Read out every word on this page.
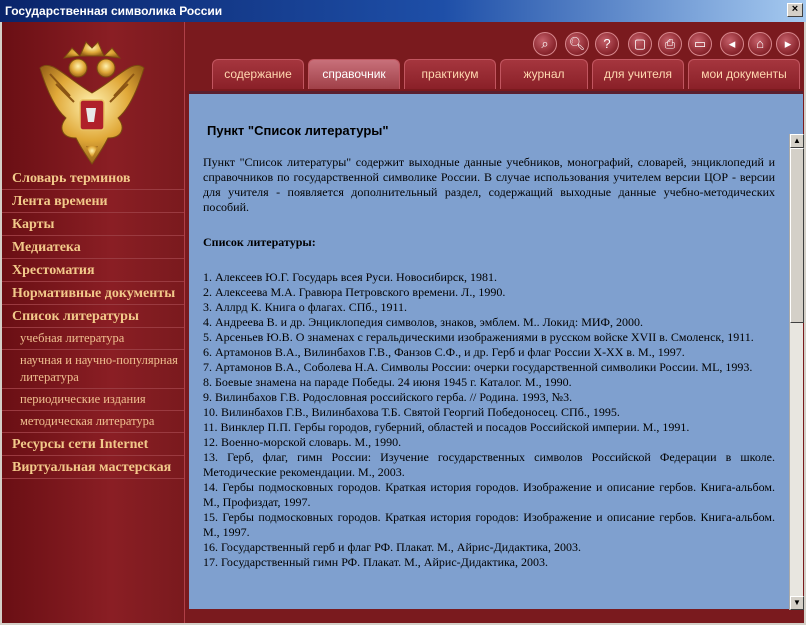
Государственная символика России	×
Словарь терминов
Лента времени
Карты
Медиатека
Хрестоматия
Нормативные документы
Список литературы
учебная литература
научная и научно-популярная литература
периодические издания
методическая литература
Ресурсы сети Internet
Виртуальная мастерская
⌕	🔍︎	?	▢	⎙	▭	◂	⌂	▸
содержание	справочник	практикум	журнал	для учителя	мои документы
Пункт "Список литературы"

Пункт "Список литературы" содержит выходные данные учебников, монографий, словарей, энциклопедий и справочников по государственной символике России. В случае использования учителем версии ЦОР - версии для учителя - появляется дополнительный раздел, содержащий выходные данные учебно-методических пособий.

Список литературы:
1. Алексеев Ю.Г. Государь всея Руси. Новосибирск, 1981.
2. Алексеева М.А. Гравюра Петровского времени. Л., 1990.
3. Аллрд К. Книга о флагах. СПб., 1911.
4. Андреева В. и др. Энциклопедия символов, знаков, эмблем. М.. Локид: МИФ, 2000.
5. Арсеньев Ю.В. О знаменах с геральдическими изображениями в русском войске XVII в. Смоленск, 1911.
6. Артамонов В.А., Вилинбахов Г.В., Фанзов С.Ф., и др. Герб и флаг России X-XX в. М., 1997.
7. Артамонов В.А., Соболева Н.А. Символы России: очерки государственной символики России. ML, 1993.
8. Боевые знамена на параде Победы. 24 июня 1945 г. Каталог. М., 1990.
9. Вилинбахов Г.В. Родословная российского герба. // Родина. 1993, №3.
10. Вилинбахов Г.В., Вилинбахова Т.Б. Святой Георгий Победоносец. СПб., 1995.
11. Винклер П.П. Гербы городов, губерний, областей и посадов Российской империи. М., 1991.
12. Военно-морской словарь. М., 1990.
13. Герб, флаг, гимн России: Изучение государственных символов Российской Федерации в школе. Методические рекомендации. М., 2003.
14. Гербы подмосковных городов. Краткая история городов. Изображение и описание гербов. Книга-альбом. М., Профиздат, 1997.
15. Гербы подмосковных городов. Краткая история городов: Изображение и описание гербов. Книга-альбом. М., 1997.
16. Государственный герб и флаг РФ. Плакат. М., Айрис-Дидактика, 2003.
17. Государственный гимн РФ. Плакат. М., Айрис-Дидактика, 2003.
▲
▼
